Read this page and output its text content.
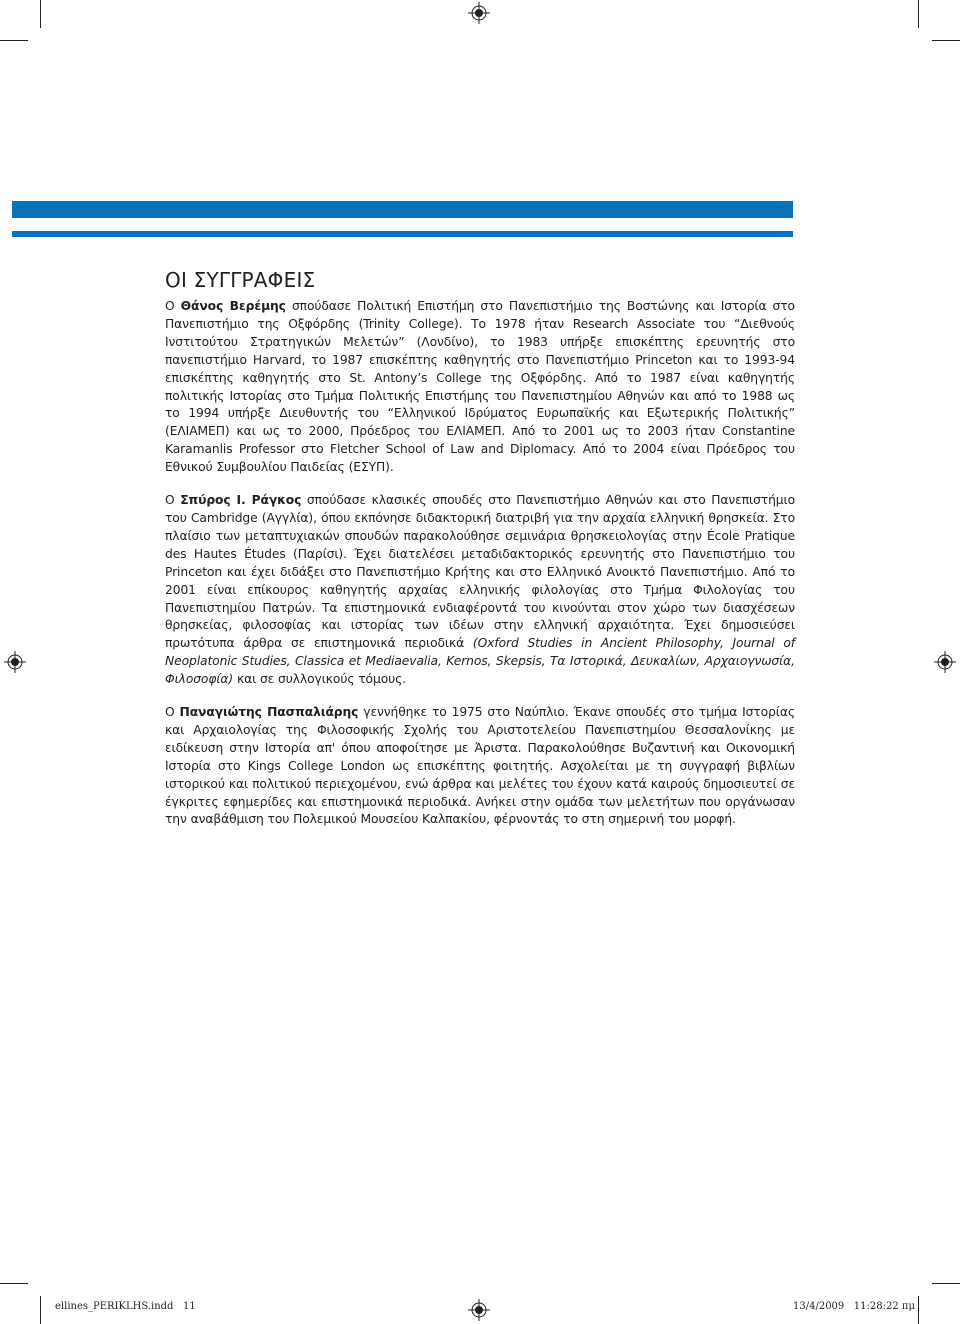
ΟΙ ΣΥΓΓΡΑΦΕΙΣ

Ο Θάνος Βερέμης σπούδασε Πολιτική Επιστήμη στο Πανεπιστήμιο της Βοστώνης και Ιστορία στο Πανεπιστήμιο της Οξφόρδης (Trinity College). Το 1978 ήταν Research Associate του “Διεθνούς Ινστιτούτου Στρατηγικών Μελετών” (Λονδίνο), το 1983 υπήρξε επισκέπτης ερευνητής στο πανεπιστήμιο Harvard, το 1987 επισκέπτης καθηγητής στο Πανεπιστήμιο Princeton και το 1993-94 επισκέπτης καθηγητής στο St. Antony’s College της Οξφόρδης. Από το 1987 είναι καθηγητής πολιτικής Ιστορίας στο Τμήμα Πολιτικής Επιστήμης του Πανεπιστημίου Αθηνών και από το 1988 ως το 1994 υπήρξε Διευθυντής του “Ελληνικού Ιδρύματος Ευρωπαϊκής και Εξωτερικής Πολιτικής” (ΕΛΙΑΜΕΠ) και ως το 2000, Πρόεδρος του ΕΛΙΑΜΕΠ. Από το 2001 ως το 2003 ήταν Constantine Karamanlis Professor στο Fletcher School of Law and Diplomacy. Από το 2004 είναι Πρόεδρος του Εθνικού Συμβουλίου Παιδείας (ΕΣΥΠ).

Ο Σπύρος Ι. Ράγκος σπούδασε κλασικές σπουδές στο Πανεπιστήμιο Αθηνών και στο Πανεπιστήμιο του Cambridge (Αγγλία), όπου εκπόνησε διδακτορική διατριβή για την αρχαία ελληνική θρησκεία. Στο πλαίσιο των μεταπτυχιακών σπουδών παρακολούθησε σεμινάρια θρησκειολογίας στην École Pratique des Hautes Études (Παρίσι). Έχει διατελέσει μεταδιδακτορικός ερευνητής στο Πανεπιστήμιο του Princeton και έχει διδάξει στο Πανεπιστήμιο Κρήτης και στο Ελληνικό Ανοικτό Πανεπιστήμιο. Από το 2001 είναι επίκουρος καθηγητής αρχαίας ελληνικής φιλολογίας στο Τμήμα Φιλολογίας του Πανεπιστημίου Πατρών. Τα επιστημονικά ενδιαφέροντά του κινούνται στον χώρο των διασχέσεων θρησκείας, φιλοσοφίας και ιστορίας των ιδέων στην ελληνική αρχαιότητα. Έχει δημοσιεύσει πρωτότυπα άρθρα σε επιστημονικά περιοδικά (Oxford Studies in Ancient Philosophy, Journal of Neoplatonic Studies, Classica et Mediaevalia, Kernos, Skepsis, Τα Ιστορικά, Δευκαλίων, Αρχαιογνωσία, Φιλοσοφία) και σε συλλογικούς τόμους.

Ο Παναγιώτης Πασπαλιάρης γεννήθηκε το 1975 στο Ναύπλιο. Έκανε σπουδές στο τμήμα Ιστορίας και Αρχαιολογίας της Φιλοσοφικής Σχολής του Αριστοτελείου Πανεπιστημίου Θεσσαλονίκης με ειδίκευση στην Ιστορία απ' όπου αποφοίτησε με Άριστα. Παρακολούθησε Βυζαντινή και Οικονομική Ιστορία στο Kings College London ως επισκέπτης φοιτητής. Ασχολείται με τη συγγραφή βιβλίων ιστορικού και πολιτικού περιεχομένου, ενώ άρθρα και μελέτες του έχουν κατά καιρούς δημοσιευτεί σε έγκριτες εφημερίδες και επιστημονικά περιοδικά. Ανήκει στην ομάδα των μελετήτων που οργάνωσαν την αναβάθμιση του Πολεμικού Μουσείου Καλπακίου, φέρνοντάς το στη σημερινή του μορφή.

ellines_PERIKLHS.indd   11	13/4/2009   11:28:22 πμ
